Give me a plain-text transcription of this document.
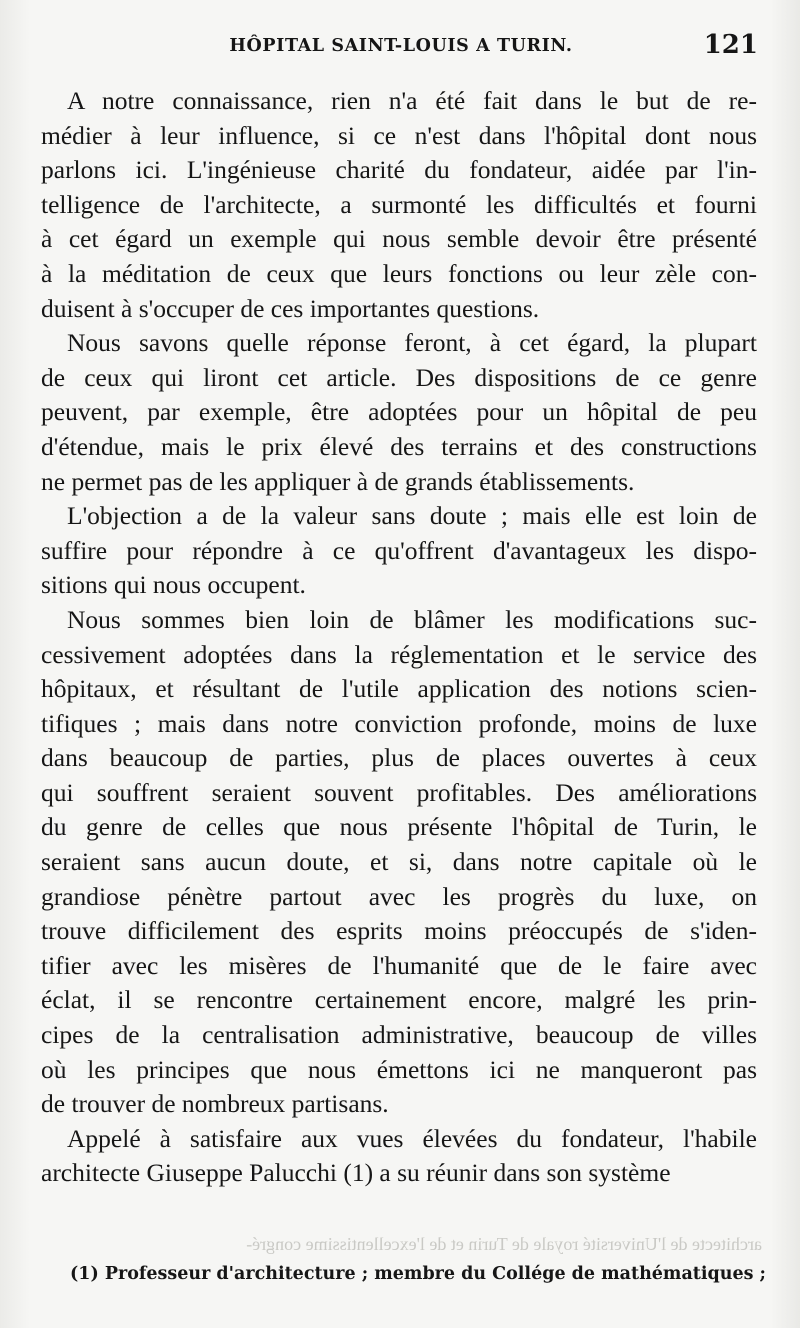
HÔPITAL SAINT-LOUIS A TURIN.	121
A notre connaissance, rien n'a été fait dans le but de re-
médier à leur influence, si ce n'est dans l'hôpital dont nous
parlons ici. L'ingénieuse charité du fondateur, aidée par l'in-
telligence de l'architecte, a surmonté les difficultés et fourni
à cet égard un exemple qui nous semble devoir être présenté
à la méditation de ceux que leurs fonctions ou leur zèle con-
duisent à s'occuper de ces importantes questions.
Nous savons quelle réponse feront, à cet égard, la plupart
de ceux qui liront cet article. Des dispositions de ce genre
peuvent, par exemple, être adoptées pour un hôpital de peu
d'étendue, mais le prix élevé des terrains et des constructions
ne permet pas de les appliquer à de grands établissements.
L'objection a de la valeur sans doute ; mais elle est loin de
suffire pour répondre à ce qu'offrent d'avantageux les dispo-
sitions qui nous occupent.
Nous sommes bien loin de blâmer les modifications suc-
cessivement adoptées dans la réglementation et le service des
hôpitaux, et résultant de l'utile application des notions scien-
tifiques ; mais dans notre conviction profonde, moins de luxe
dans beaucoup de parties, plus de places ouvertes à ceux
qui souffrent seraient souvent profitables. Des améliorations
du genre de celles que nous présente l'hôpital de Turin, le
seraient sans aucun doute, et si, dans notre capitale où le
grandiose pénètre partout avec les progrès du luxe, on
trouve difficilement des esprits moins préoccupés de s'iden-
tifier avec les misères de l'humanité que de le faire avec
éclat, il se rencontre certainement encore, malgré les prin-
cipes de la centralisation administrative, beaucoup de villes
où les principes que nous émettons ici ne manqueront pas
de trouver de nombreux partisans.
Appelé à satisfaire aux vues élevées du fondateur, l'habile
architecte Giuseppe Palucchi (1) a su réunir dans son système
architecte de l'Université royale de Turin et de l'excellentissime congré-
(1) Professeur d'architecture ; membre du Collége de mathématiques ;
